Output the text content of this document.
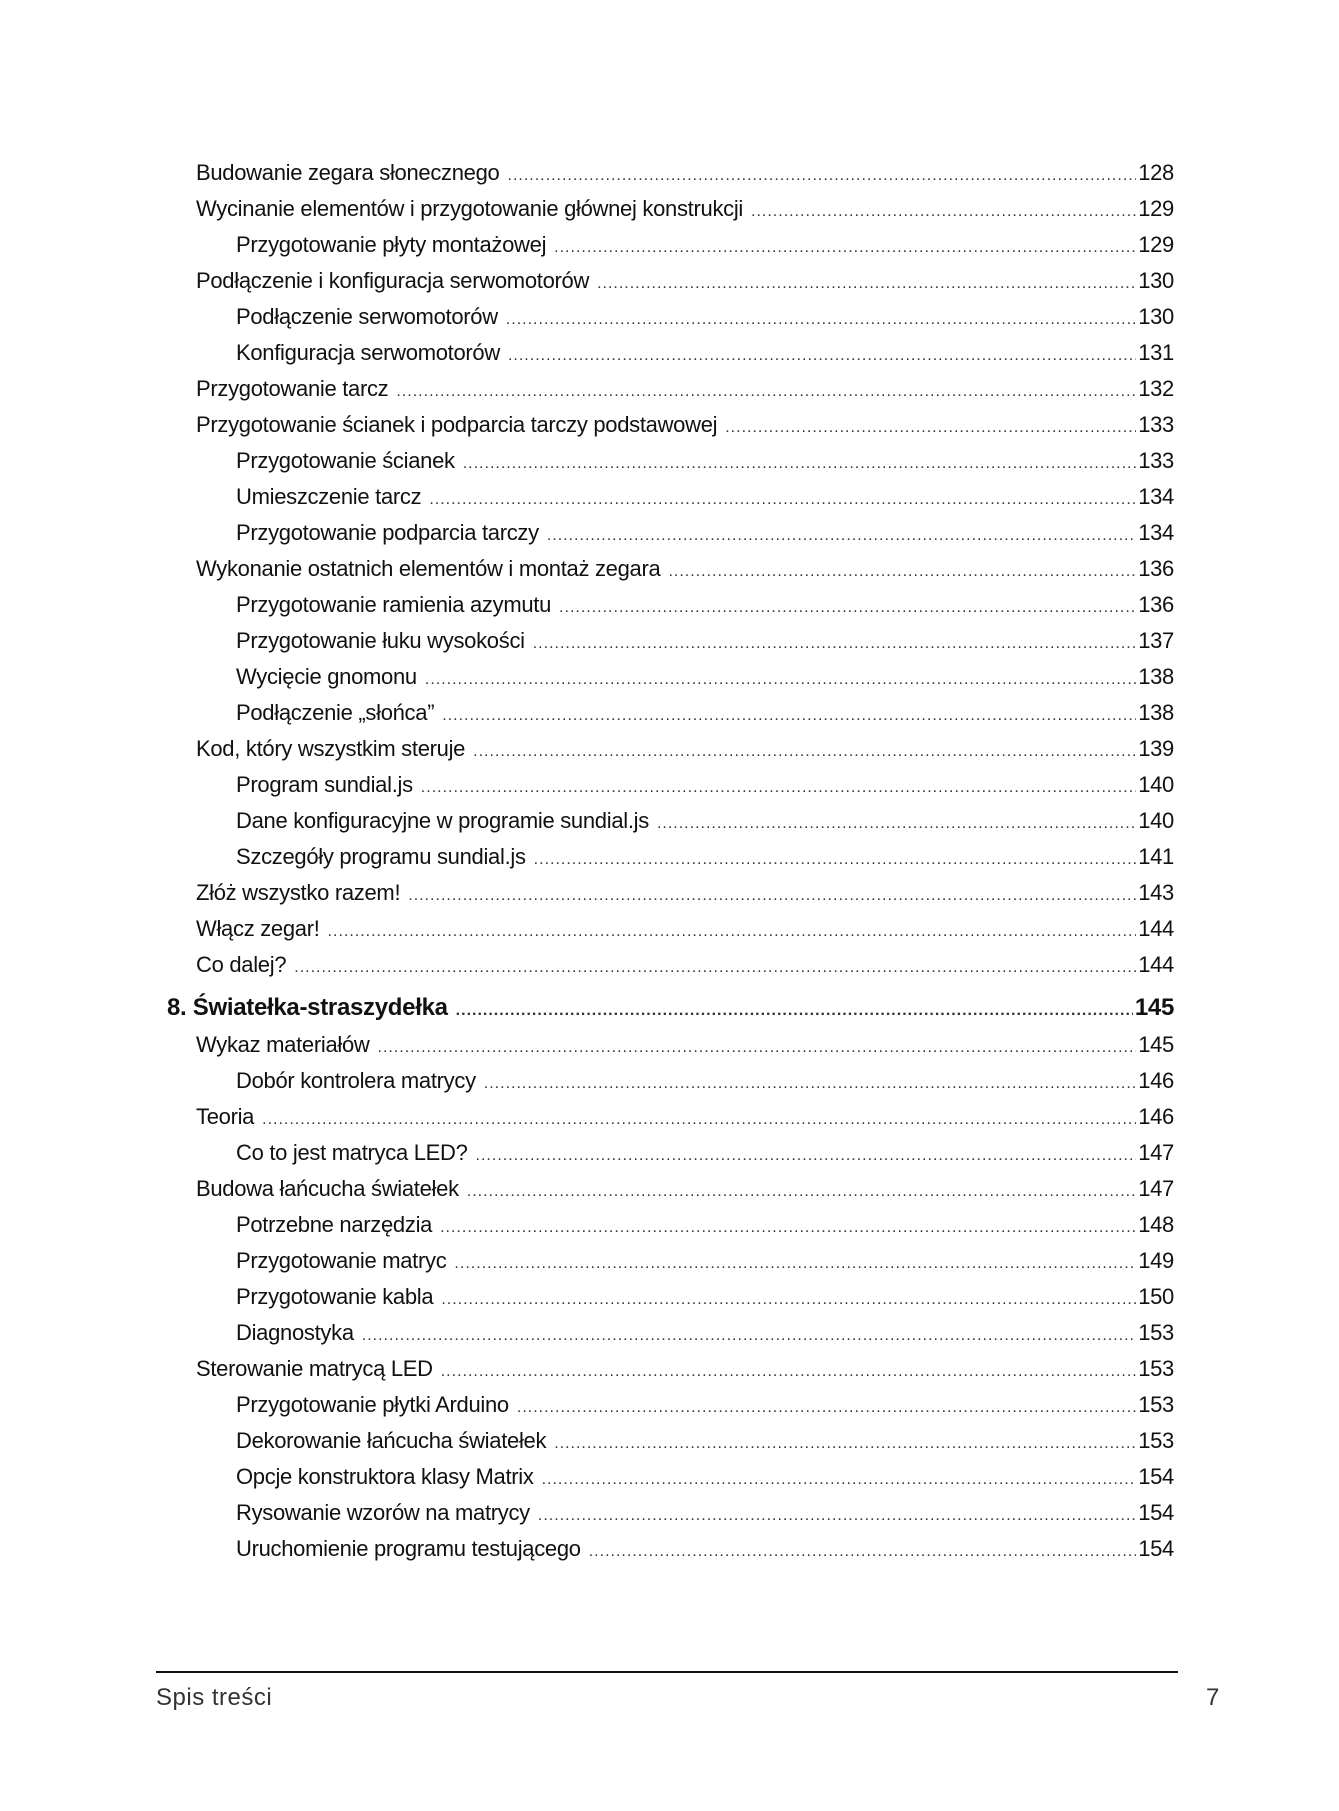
Budowanie zegara słonecznego .....	128
Wycinanie elementów i przygotowanie głównej konstrukcji .....	129
Przygotowanie płyty montażowej .....	129
Podłączenie i konfiguracja serwomotorów .....	130
Podłączenie serwomotorów .....	130
Konfiguracja serwomotorów .....	131
Przygotowanie tarcz .....	132
Przygotowanie ścianek i podparcia tarczy podstawowej .....	133
Przygotowanie ścianek .....	133
Umieszczenie tarcz .....	134
Przygotowanie podparcia tarczy .....	134
Wykonanie ostatnich elementów i montaż zegara .....	136
Przygotowanie ramienia azymutu .....	136
Przygotowanie łuku wysokości .....	137
Wycięcie gnomonu .....	138
Podłączenie „słońca” .....	138
Kod, który wszystkim steruje .....	139
Program sundial.js .....	140
Dane konfiguracyjne w programie sundial.js .....	140
Szczegóły programu sundial.js .....	141
Złóż wszystko razem! .....	143
Włącz zegar! .....	144
Co dalej? .....	144
8. Światełka-straszydełka .....	145
Wykaz materiałów .....	145
Dobór kontrolera matrycy .....	146
Teoria .....	146
Co to jest matryca LED? .....	147
Budowa łańcucha światełek .....	147
Potrzebne narzędzia .....	148
Przygotowanie matryc .....	149
Przygotowanie kabla .....	150
Diagnostyka .....	153
Sterowanie matrycą LED .....	153
Przygotowanie płytki Arduino .....	153
Dekorowanie łańcucha światełek .....	153
Opcje konstruktora klasy Matrix .....	154
Rysowanie wzorów na matrycy .....	154
Uruchomienie programu testującego .....	154
Spis treści	7
